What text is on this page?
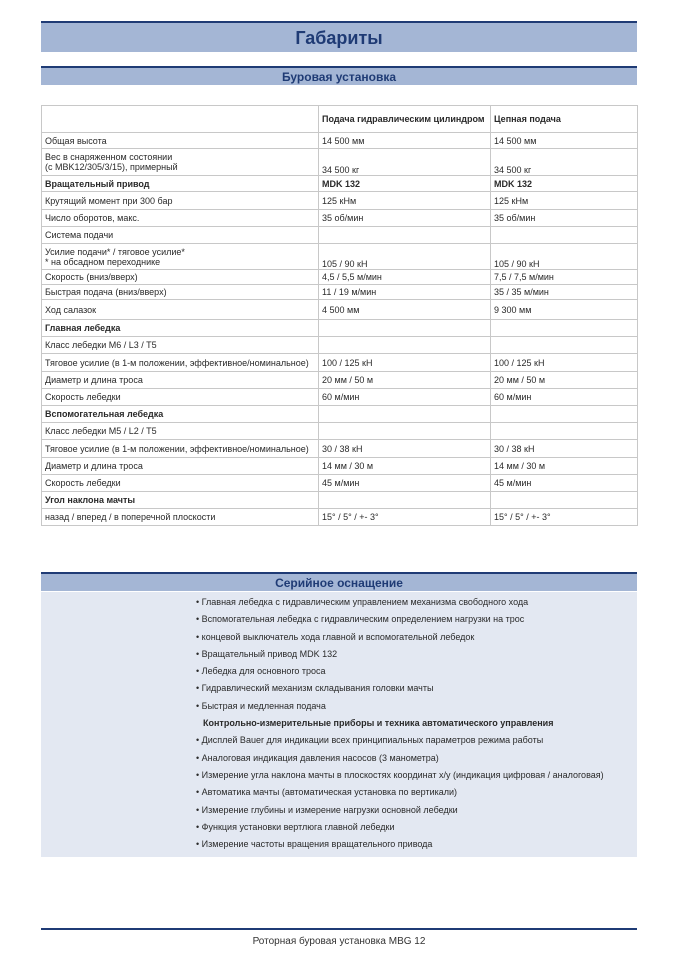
Габариты
Буровая установка
	Подача гидравлическим цилиндром	Цепная подача
Общая высота	14 500 мм	14 500 мм
Вес в снаряженном состоянии
(с MBK12/305/3/15), примерный	34 500 кг	34 500 кг
Вращательный привод	MDK 132	MDK 132
Крутящий момент при 300 бар	125 кНм	125 кНм
Число оборотов, макс.	35 об/мин	35 об/мин
Система подачи		
Усилие подачи* / тяговое усилие*
* на обсадном переходнике	105 / 90 кН	105 / 90 кН
Скорость (вниз/вверх)	4,5 / 5,5 м/мин	7,5 / 7,5 м/мин
Быстрая подача (вниз/вверх)	11 / 19 м/мин	35 / 35 м/мин
Ход салазок	4 500 мм	9 300 мм
Главная лебедка		
Класс лебедки M6 / L3 / T5		
Тяговое усилие (в 1-м положении, эффективное/номинальное)	100 / 125 кН	100 / 125 кН
Диаметр и длина троса	20 мм / 50 м	20 мм / 50 м
Скорость лебедки	60 м/мин	60 м/мин
Вспомогательная лебедка		
Класс лебедки M5 / L2 / T5		
Тяговое усилие (в 1-м положении, эффективное/номинальное)	30 / 38 кН	30 / 38 кН
Диаметр и длина троса	14 мм / 30 м	14 мм / 30 м
Скорость лебедки	45 м/мин	45 м/мин
Угол наклона мачты		
назад / вперед / в поперечной плоскости	15° / 5° / +- 3°	15° / 5° / +- 3°
Серийное оснащение
• Главная лебедка с гидравлическим управлением механизма свободного хода
• Вспомогательная лебедка с гидравлическим определением нагрузки на трос
• концевой выключатель хода главной и вспомогательной лебедок
• Вращательный привод MDK 132
• Лебедка для основного троса
• Гидравлический механизм складывания головки мачты
• Быстрая и медленная подача
Контрольно-измерительные приборы и техника автоматического управления
• Дисплей Bauer для индикации всех принципиальных параметров режима работы
• Аналоговая индикация давления насосов (3 манометра)
• Измерение угла наклона мачты в плоскостях координат x/y (индикация цифровая / аналоговая)
• Автоматика мачты (автоматическая установка по вертикали)
• Измерение глубины и измерение нагрузки основной лебедки
• Функция установки вертлюга главной лебедки
• Измерение частоты вращения вращательного привода
Роторная буровая установка MBG 12
